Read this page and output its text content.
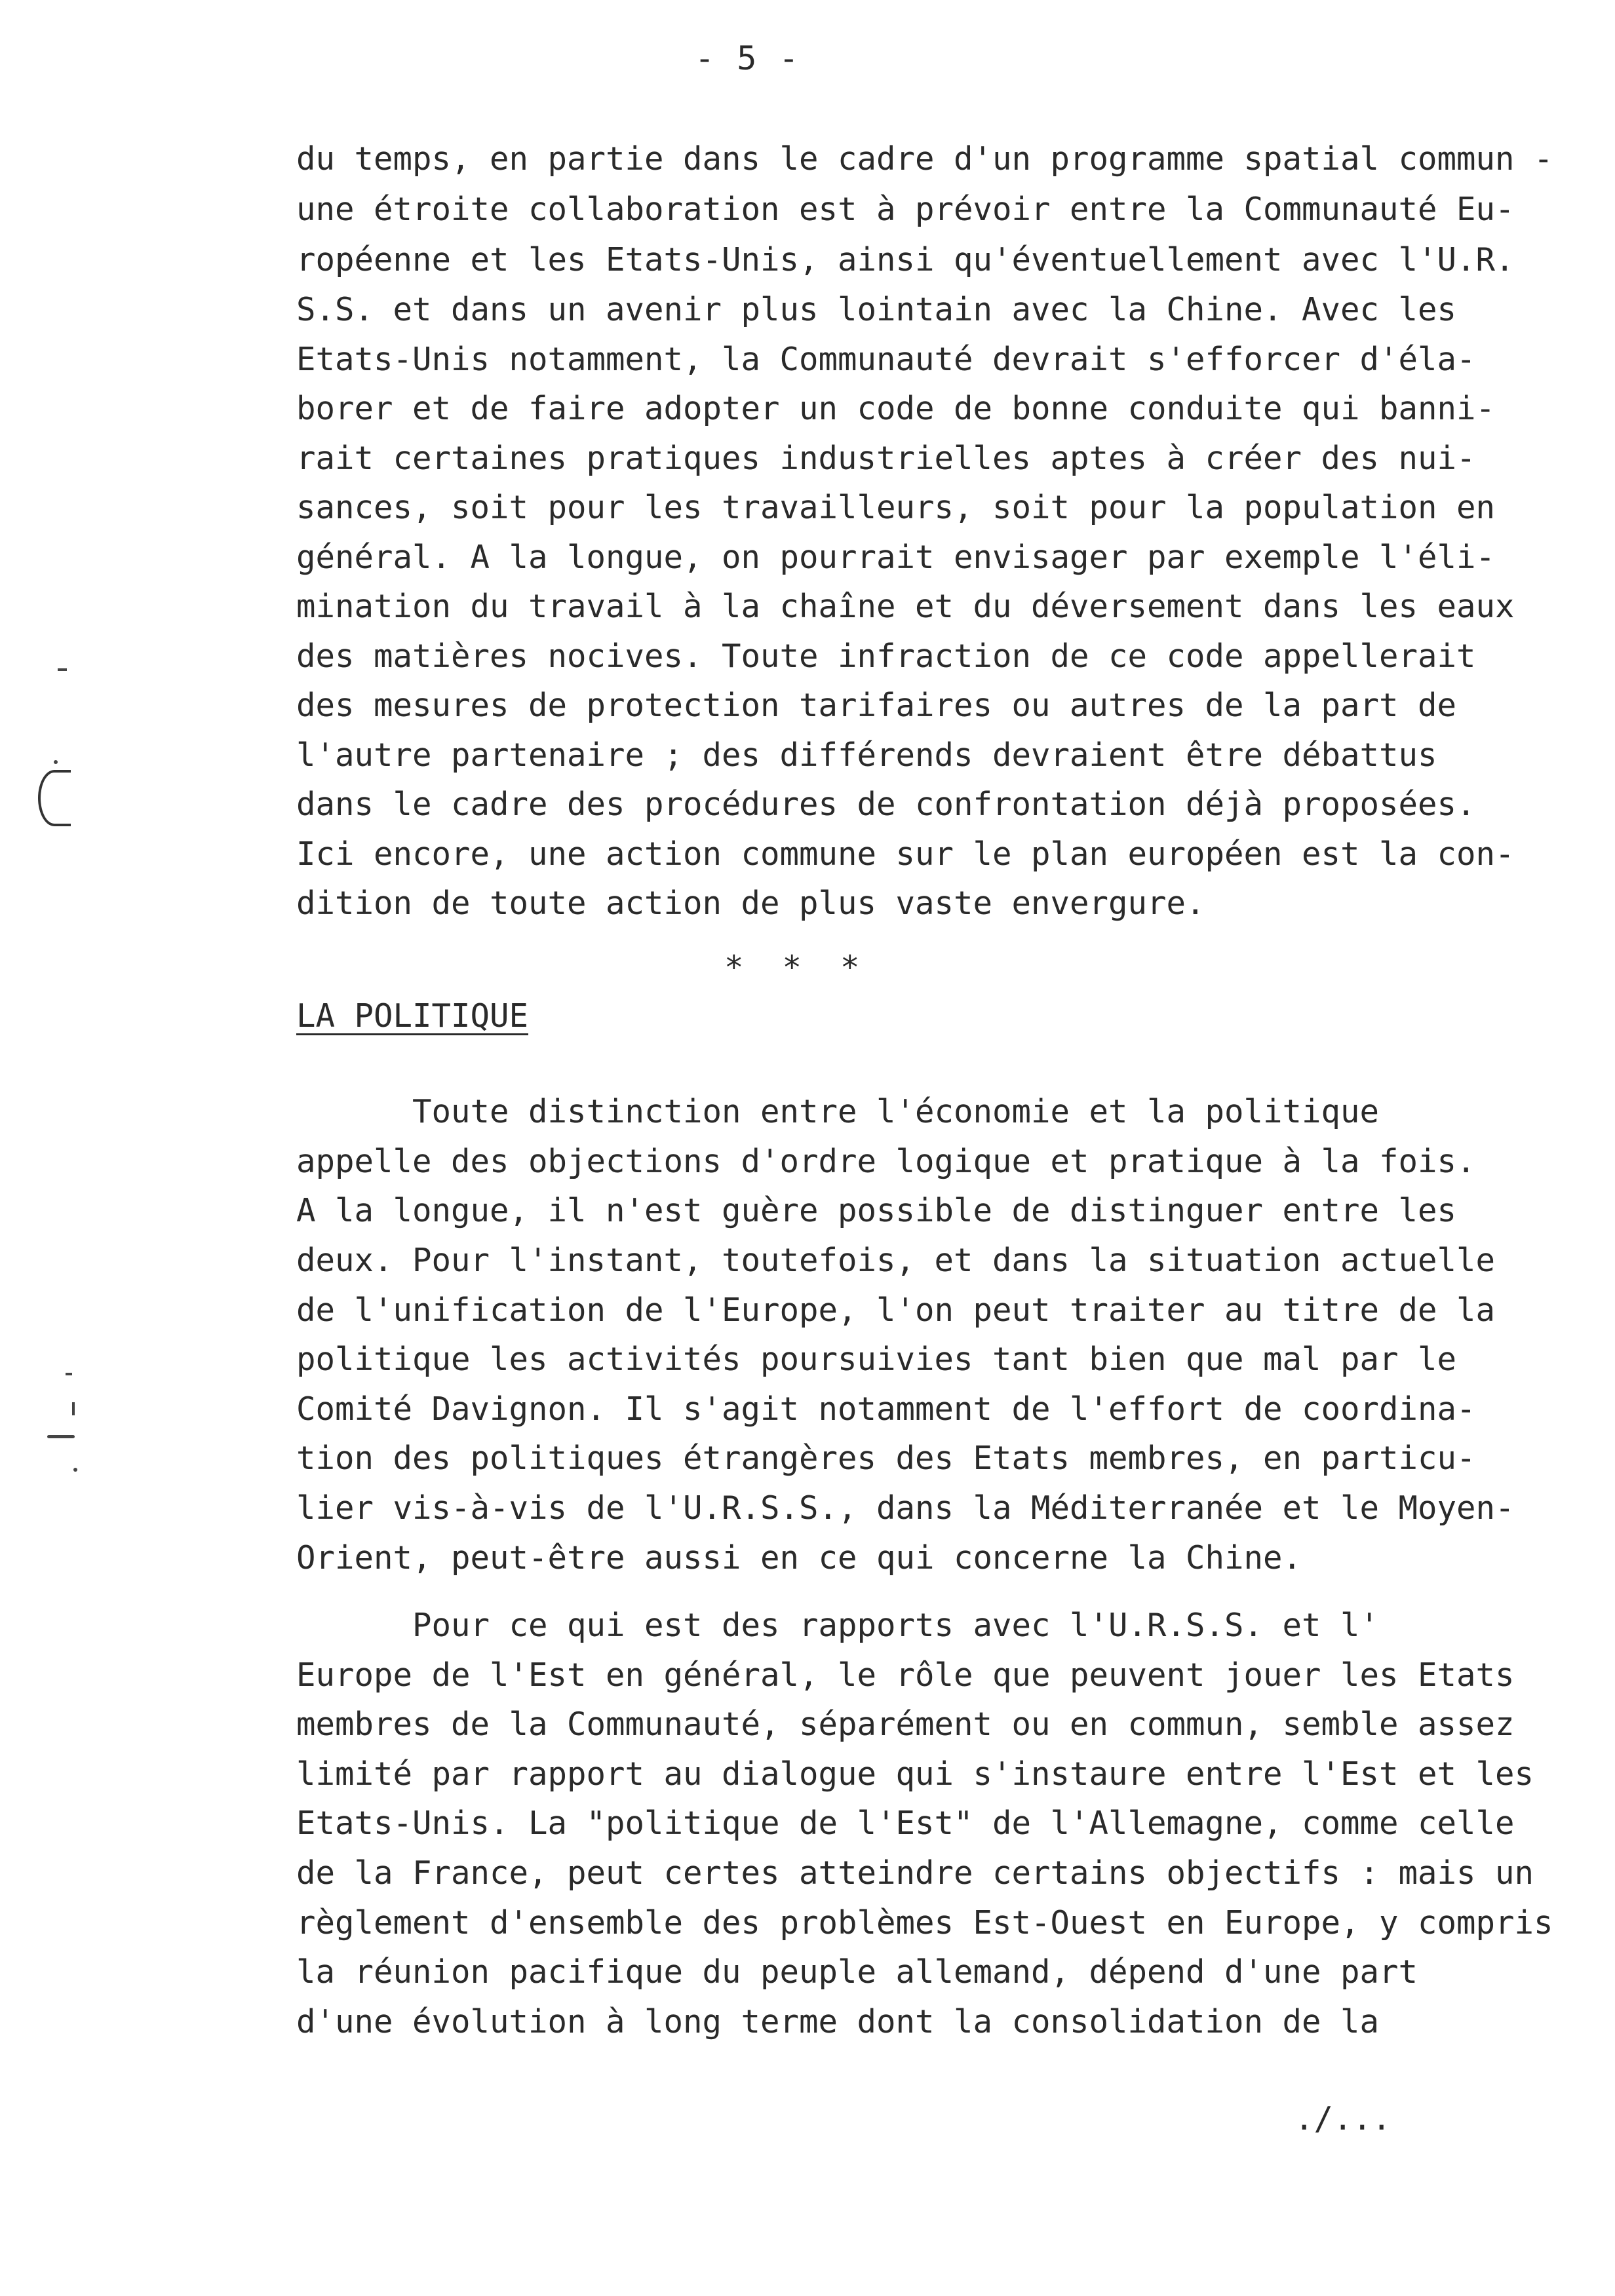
- 5 -
du temps, en partie dans le cadre d'un programme spatial commun -
une étroite collaboration est à prévoir entre la Communauté Eu-
ropéenne et les Etats-Unis, ainsi qu'éventuellement avec l'U.R.
S.S. et dans un avenir plus lointain avec la Chine. Avec les
Etats-Unis notamment, la Communauté devrait s'efforcer d'éla-
borer et de faire adopter un code de bonne conduite qui banni-
rait certaines pratiques industrielles aptes à créer des nui-
sances, soit pour les travailleurs, soit pour la population en
général. A la longue, on pourrait envisager par exemple l'éli-
mination du travail à la chaîne et du déversement dans les eaux
des matières nocives. Toute infraction de ce code appellerait
des mesures de protection tarifaires ou autres de la part de
l'autre partenaire ; des différends devraient être débattus
dans le cadre des procédures de confrontation déjà proposées.
Ici encore, une action commune sur le plan européen est la con-
dition de toute action de plus vaste envergure.
*  *  *
LA POLITIQUE
Toute distinction entre l'économie et la politique
appelle des objections d'ordre logique et pratique à la fois.
A la longue, il n'est guère possible de distinguer entre les
deux. Pour l'instant, toutefois, et dans la situation actuelle
de l'unification de l'Europe, l'on peut traiter au titre de la
politique les activités poursuivies tant bien que mal par le
Comité Davignon. Il s'agit notamment de l'effort de coordina-
tion des politiques étrangères des Etats membres, en particu-
lier vis-à-vis de l'U.R.S.S., dans la Méditerranée et le Moyen-
Orient, peut-être aussi en ce qui concerne la Chine.
Pour ce qui est des rapports avec l'U.R.S.S. et l'
Europe de l'Est en général, le rôle que peuvent jouer les Etats
membres de la Communauté, séparément ou en commun, semble assez
limité par rapport au dialogue qui s'instaure entre l'Est et les
Etats-Unis. La "politique de l'Est" de l'Allemagne, comme celle
de la France, peut certes atteindre certains objectifs : mais un
règlement d'ensemble des problèmes Est-Ouest en Europe, y compris
la réunion pacifique du peuple allemand, dépend d'une part
d'une évolution à long terme dont la consolidation de la
./...
